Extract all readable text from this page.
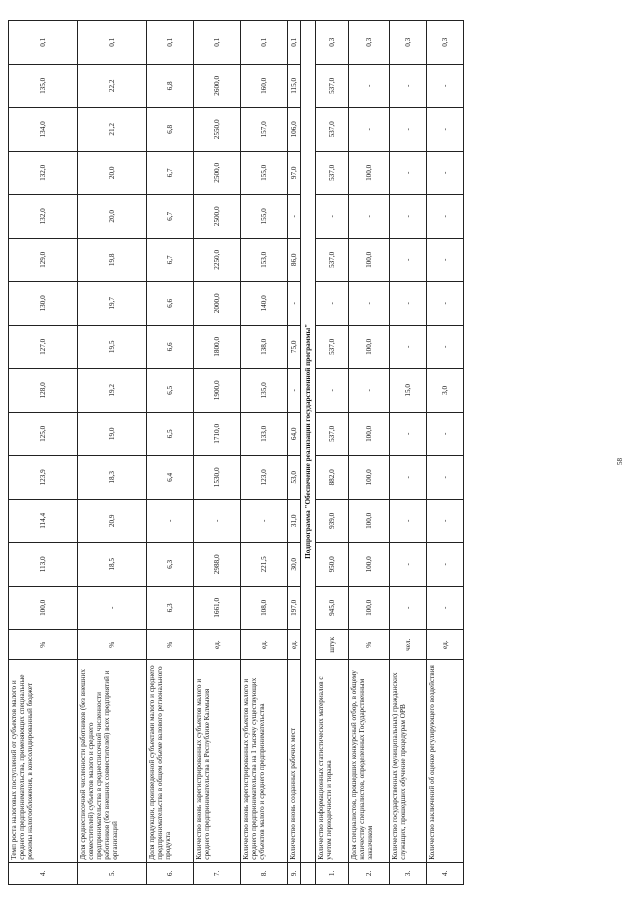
4.	Темп роста налоговых поступлений от субъектов малого и среднего предпринимательства, применяющих специальные режимы налогообложения, в консолидированный бюджет	%	100,0	113,0	114,4	123,9	125,0	128,0	127,0	130,0	129,0	132,0	132,0	134,0	135,0	0,1
5.	Доля среднесписочной численности работников (без внешних совместителей) субъектов малого и среднего предпринимательства в среднесписочной численности работников (без внешних совместителей) всех предприятий и организаций	%	-	18,5	20,9	18,3	19,0	19,2	19,5	19,7	19,8	20,0	20,0	21,2	22,2	0,1
6.	Доля продукции, произведенной субъектами малого и среднего предпринимательства в общем объеме валового регионального продукта	%	6,3	6,3	-	6,4	6,5	6,5	6,6	6,6	6,7	6,7	6,7	6,8	6,8	0,1
7.	Количество вновь зарегистрированных субъектов малого и среднего предпринимательства в Республике Калмыкия	ед.	1661,0	2988,0	-	1530,0	1710,0	1900,0	1800,0	2000,0	2250,0	2500,0	2500,0	2550,0	2600,0	0,1
8.	Количество вновь зарегистрированных субъектов малого и среднего предпринимательства на 1 тысячу существующих субъектов малого и среднего предпринимательства	ед.	108,0	221,5	-	123,0	133,0	135,0	138,0	140,0	153,0	155,0	155,0	157,0	160,0	0,1
9.	Количество вновь созданных рабочих мест	ед.	197,0	30,0	31,0	53,0	64,0	-	75,0	-	86,0	-	97,0	106,0	115,0	0,1
	Подпрограмма "Обеспечение реализации государственной программы"															
1.	Количество информационных статистических материалов с учетом периодичности и тиража	штук	945,0	950,0	939,0	882,0	537,0	-	537,0	-	537,0	-	537,0	537,0	537,0	0,3
2.	Доля специалистов, прошедших конкурсный отбор, в общему количеству специалистов, определенных Государственным заказчиком	%	100,0	100,0	100,0	100,0	100,0	-	100,0	-	100,0	-	100,0	-	-	0,3
3.	Количество государственных (муниципальных) гражданских служащих, прошедших обучение процедурам ОРВ	чел.	-	-	-	-	-	15,0	-	-	-	-	-	-	-	0,3
4.	Количество заключений об оценке регулирующего воздействия	ед.	-	-	-	-	-	3,0	-	-	-	-	-	-	-	0,3
58
